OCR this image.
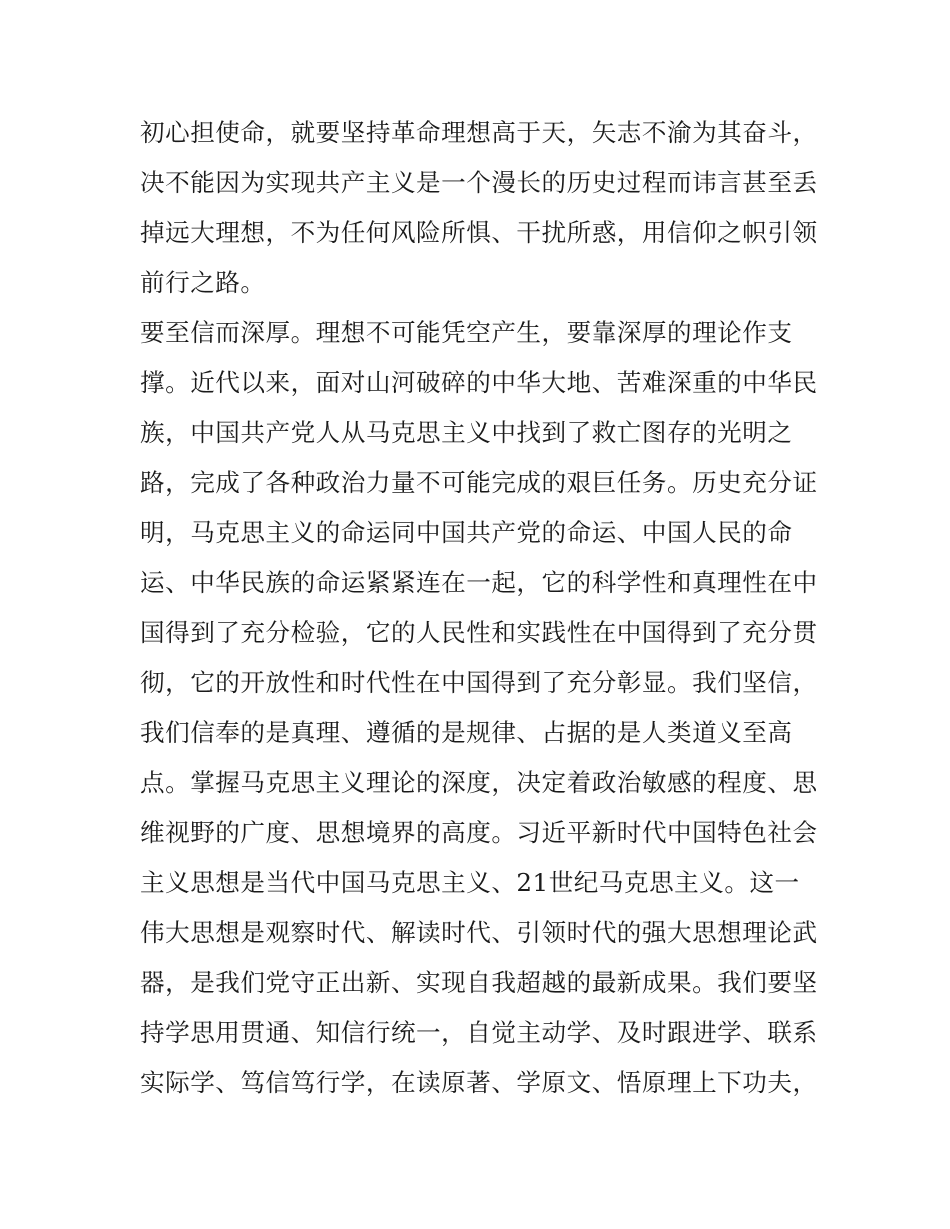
初心担使命，就要坚持革命理想高于天，矢志不渝为其奋斗，
决不能因为实现共产主义是一个漫长的历史过程而讳言甚至丢
掉远大理想，不为任何风险所惧、干扰所惑，用信仰之帜引领
前行之路。
要至信而深厚。理想不可能凭空产生，要靠深厚的理论作支
撑。近代以来，面对山河破碎的中华大地、苦难深重的中华民
族，中国共产党人从马克思主义中找到了救亡图存的光明之
路，完成了各种政治力量不可能完成的艰巨任务。历史充分证
明，马克思主义的命运同中国共产党的命运、中国人民的命
运、中华民族的命运紧紧连在一起，它的科学性和真理性在中
国得到了充分检验，它的人民性和实践性在中国得到了充分贯
彻，它的开放性和时代性在中国得到了充分彰显。我们坚信，
我们信奉的是真理、遵循的是规律、占据的是人类道义至高
点。掌握马克思主义理论的深度，决定着政治敏感的程度、思
维视野的广度、思想境界的高度。习近平新时代中国特色社会
主义思想是当代中国马克思主义、21世纪马克思主义。这一
伟大思想是观察时代、解读时代、引领时代的强大思想理论武
器，是我们党守正出新、实现自我超越的最新成果。我们要坚
持学思用贯通、知信行统一，自觉主动学、及时跟进学、联系
实际学、笃信笃行学，在读原著、学原文、悟原理上下功夫，
